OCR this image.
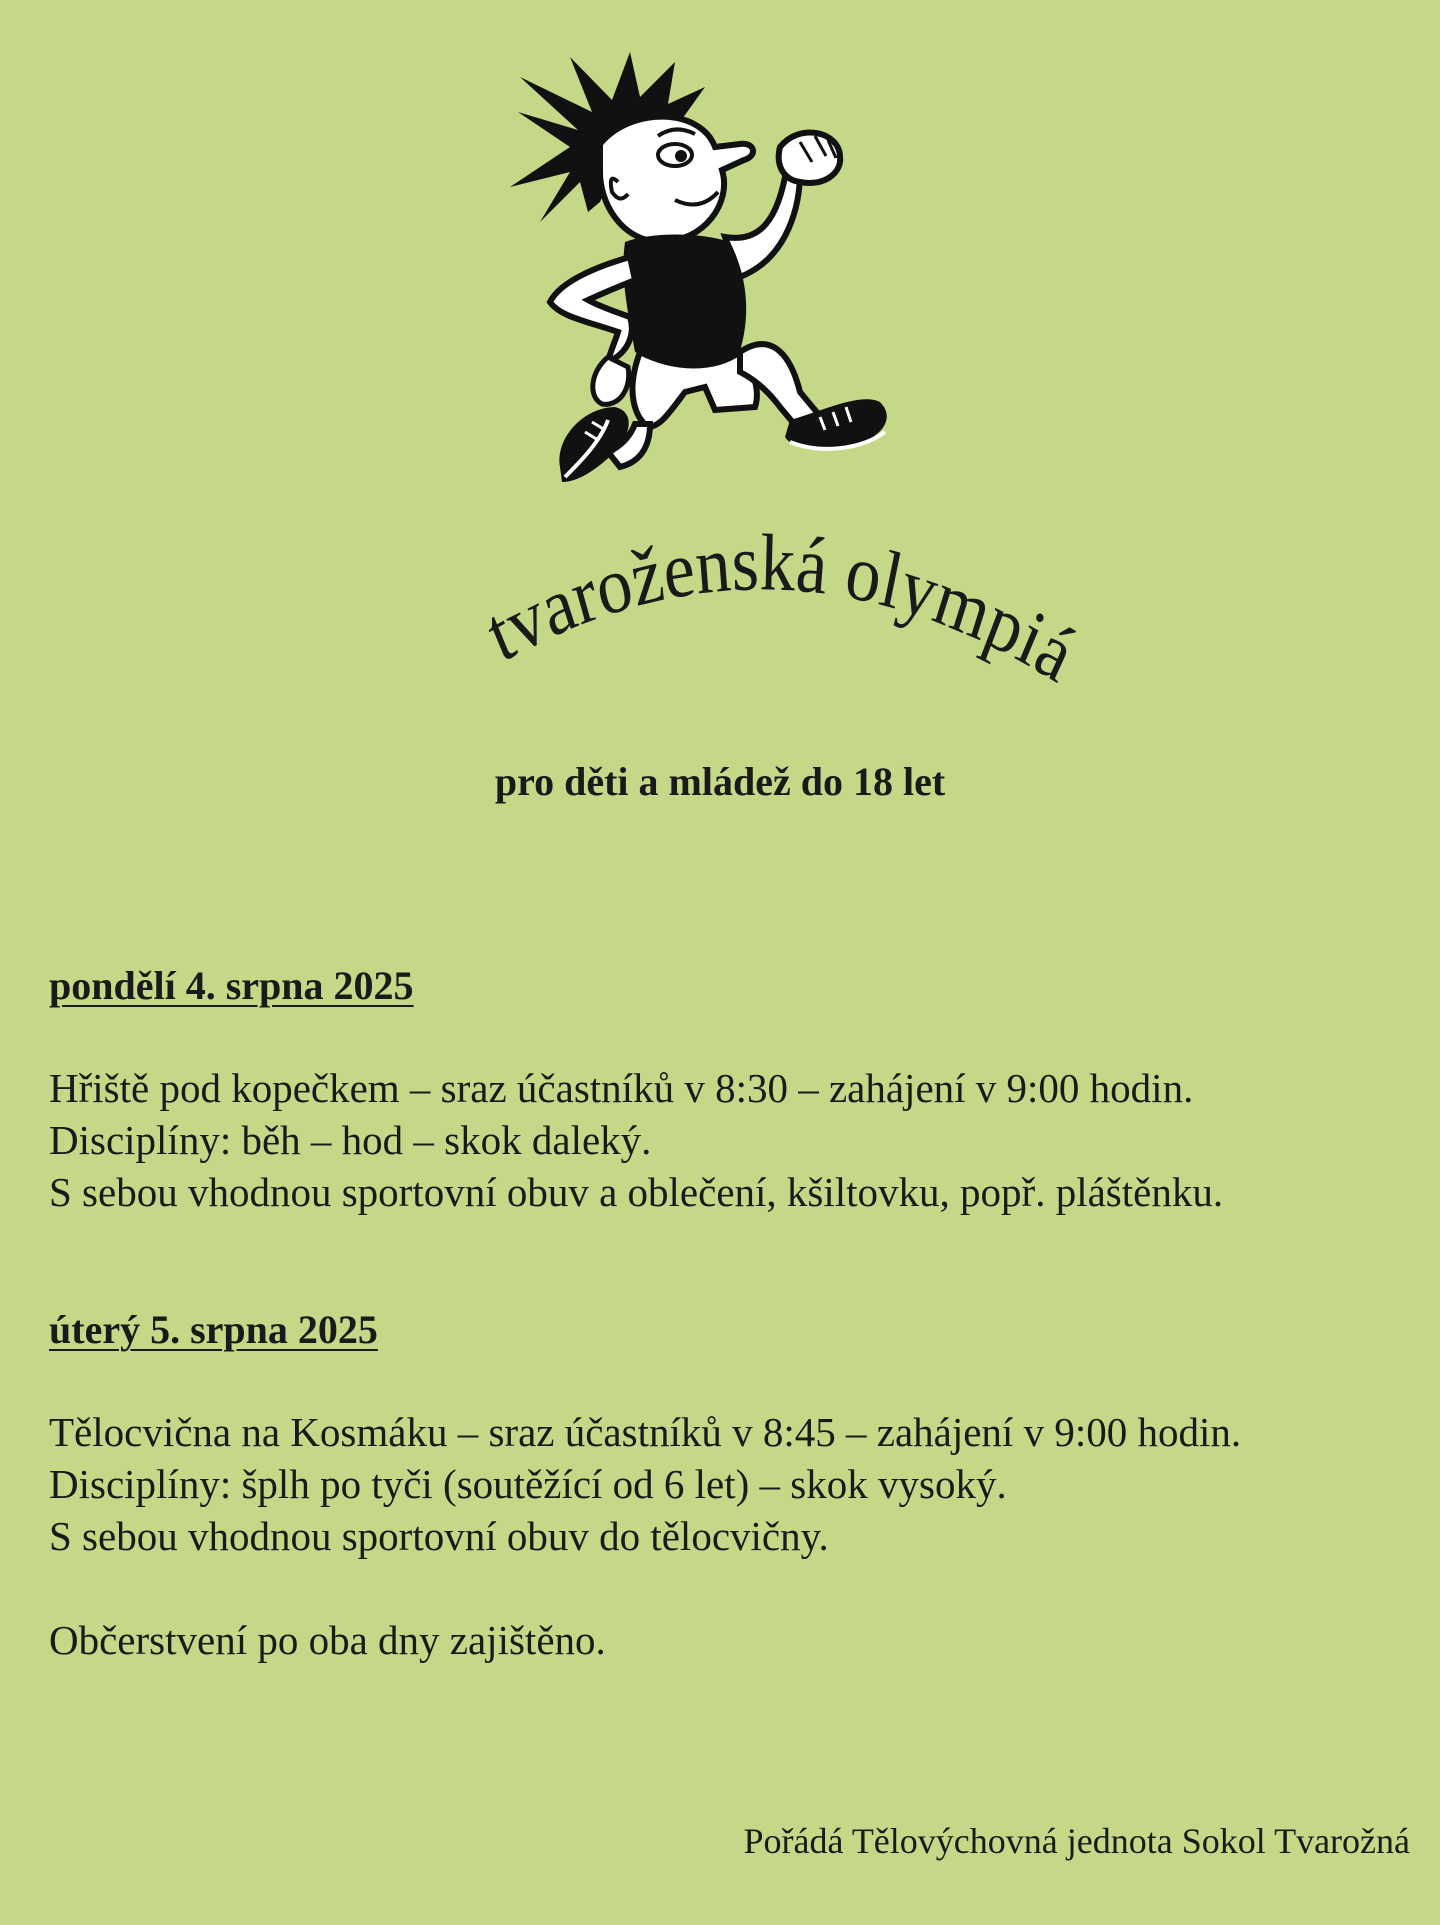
29. tvaroženská olympiáda
pro děti a mládež do 18 let
pondělí 4. srpna 2025
Hřiště pod kopečkem – sraz účastníků v 8:30 – zahájení v 9:00 hodin.
Disciplíny: běh – hod – skok daleký.
S sebou vhodnou sportovní obuv a oblečení, kšiltovku, popř. pláštěnku.
úterý 5. srpna 2025
Tělocvična na Kosmáku – sraz účastníků v 8:45 – zahájení v 9:00 hodin.
Disciplíny: šplh po tyči (soutěžící od 6 let) – skok vysoký.
S sebou vhodnou sportovní obuv do tělocvičny.
Občerstvení po oba dny zajištěno.
Pořádá Tělovýchovná jednota Sokol Tvarožná
